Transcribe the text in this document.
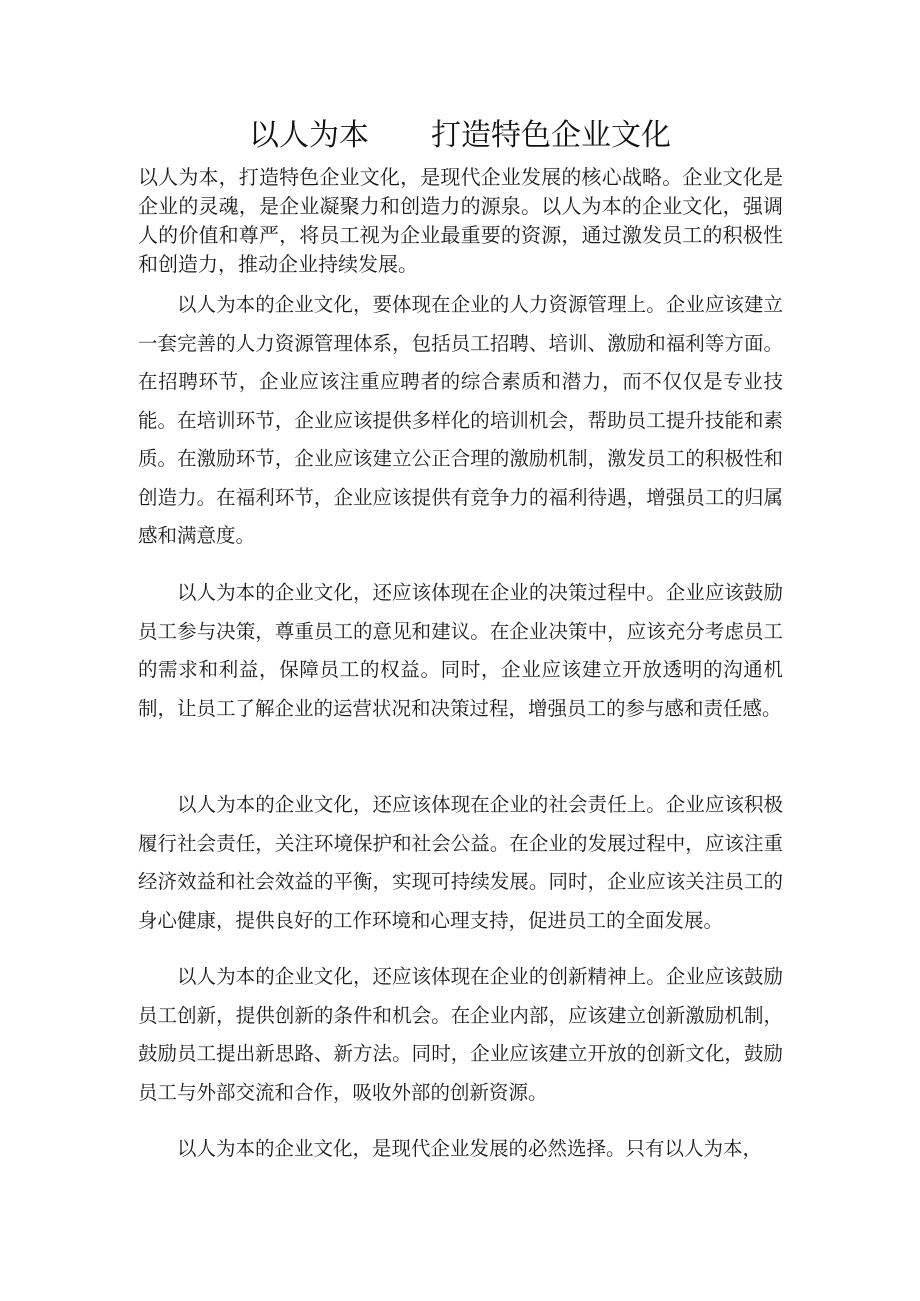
以人为本 打造特色企业文化

以人为本，打造特色企业文化，是现代企业发展的核心战略。企业文化是企业的灵魂，是企业凝聚力和创造力的源泉。以人为本的企业文化，强调人的价值和尊严，将员工视为企业最重要的资源，通过激发员工的积极性和创造力，推动企业持续发展。

以人为本的企业文化，要体现在企业的人力资源管理上。企业应该建立一套完善的人力资源管理体系，包括员工招聘、培训、激励和福利等方面。在招聘环节，企业应该注重应聘者的综合素质和潜力，而不仅仅是专业技能。在培训环节，企业应该提供多样化的培训机会，帮助员工提升技能和素质。在激励环节，企业应该建立公正合理的激励机制，激发员工的积极性和创造力。在福利环节，企业应该提供有竞争力的福利待遇，增强员工的归属感和满意度。

以人为本的企业文化，还应该体现在企业的决策过程中。企业应该鼓励员工参与决策，尊重员工的意见和建议。在企业决策中，应该充分考虑员工的需求和利益，保障员工的权益。同时，企业应该建立开放透明的沟通机制，让员工了解企业的运营状况和决策过程，增强员工的参与感和责任感。

以人为本的企业文化，还应该体现在企业的社会责任上。企业应该积极履行社会责任，关注环境保护和社会公益。在企业的发展过程中，应该注重经济效益和社会效益的平衡，实现可持续发展。同时，企业应该关注员工的身心健康，提供良好的工作环境和心理支持，促进员工的全面发展。

以人为本的企业文化，还应该体现在企业的创新精神上。企业应该鼓励员工创新，提供创新的条件和机会。在企业内部，应该建立创新激励机制，鼓励员工提出新思路、新方法。同时，企业应该建立开放的创新文化，鼓励员工与外部交流和合作，吸收外部的创新资源。

以人为本的企业文化，是现代企业发展的必然选择。只有以人为本，
